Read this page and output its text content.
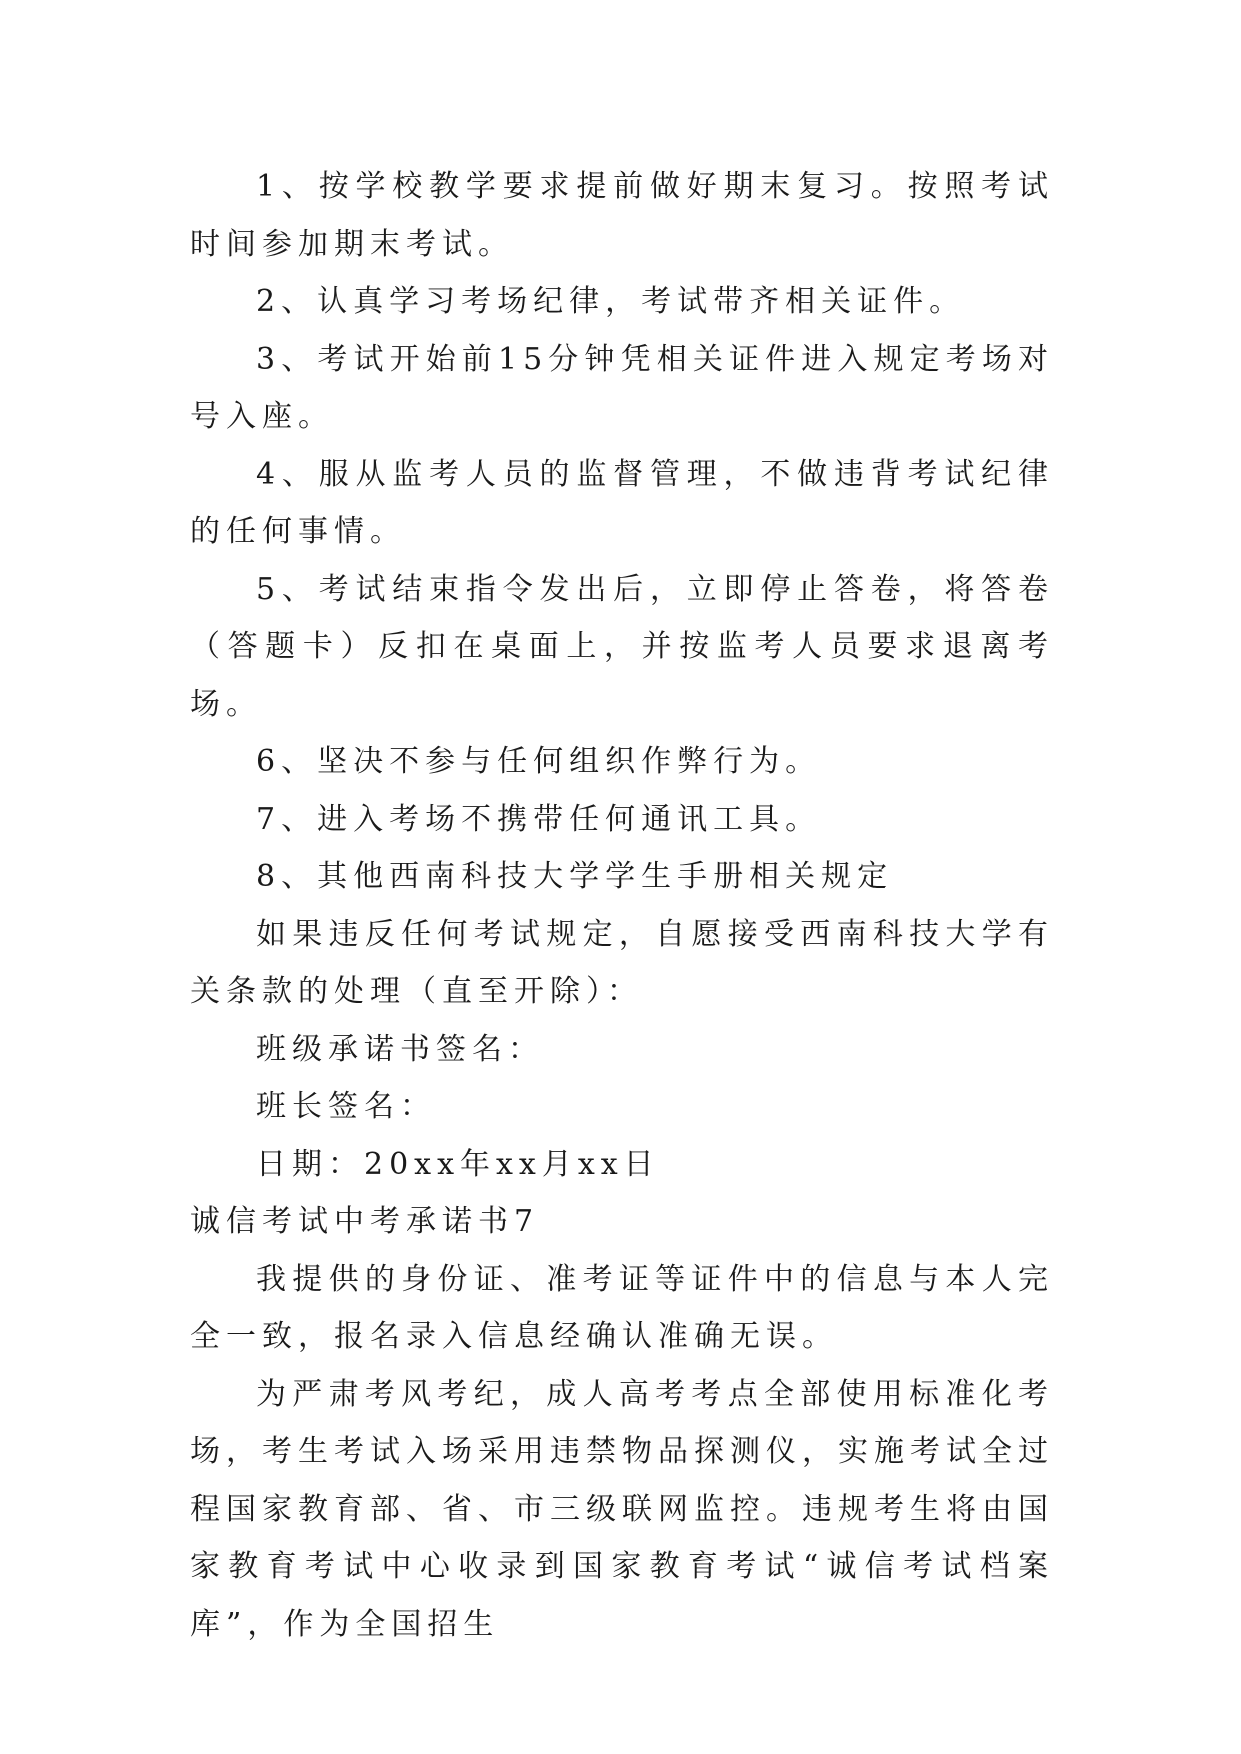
1、按学校教学要求提前做好期末复习。按照考试时间参加期末考试。

2、认真学习考场纪律，考试带齐相关证件。

3、考试开始前15分钟凭相关证件进入规定考场对号入座。

4、服从监考人员的监督管理，不做违背考试纪律的任何事情。

5、考试结束指令发出后，立即停止答卷，将答卷（答题卡）反扣在桌面上，并按监考人员要求退离考场。

6、坚决不参与任何组织作弊行为。

7、进入考场不携带任何通讯工具。

8、其他西南科技大学学生手册相关规定

如果违反任何考试规定，自愿接受西南科技大学有关条款的处理（直至开除）：

班级承诺书签名：

班长签名：

日期：20xx年xx月xx日

诚信考试中考承诺书7

我提供的身份证、准考证等证件中的信息与本人完全一致，报名录入信息经确认准确无误。

为严肃考风考纪，成人高考考点全部使用标准化考场，考生考试入场采用违禁物品探测仪，实施考试全过程国家教育部、省、市三级联网监控。违规考生将由国家教育考试中心收录到国家教育考试“诚信考试档案库”，作为全国招生
